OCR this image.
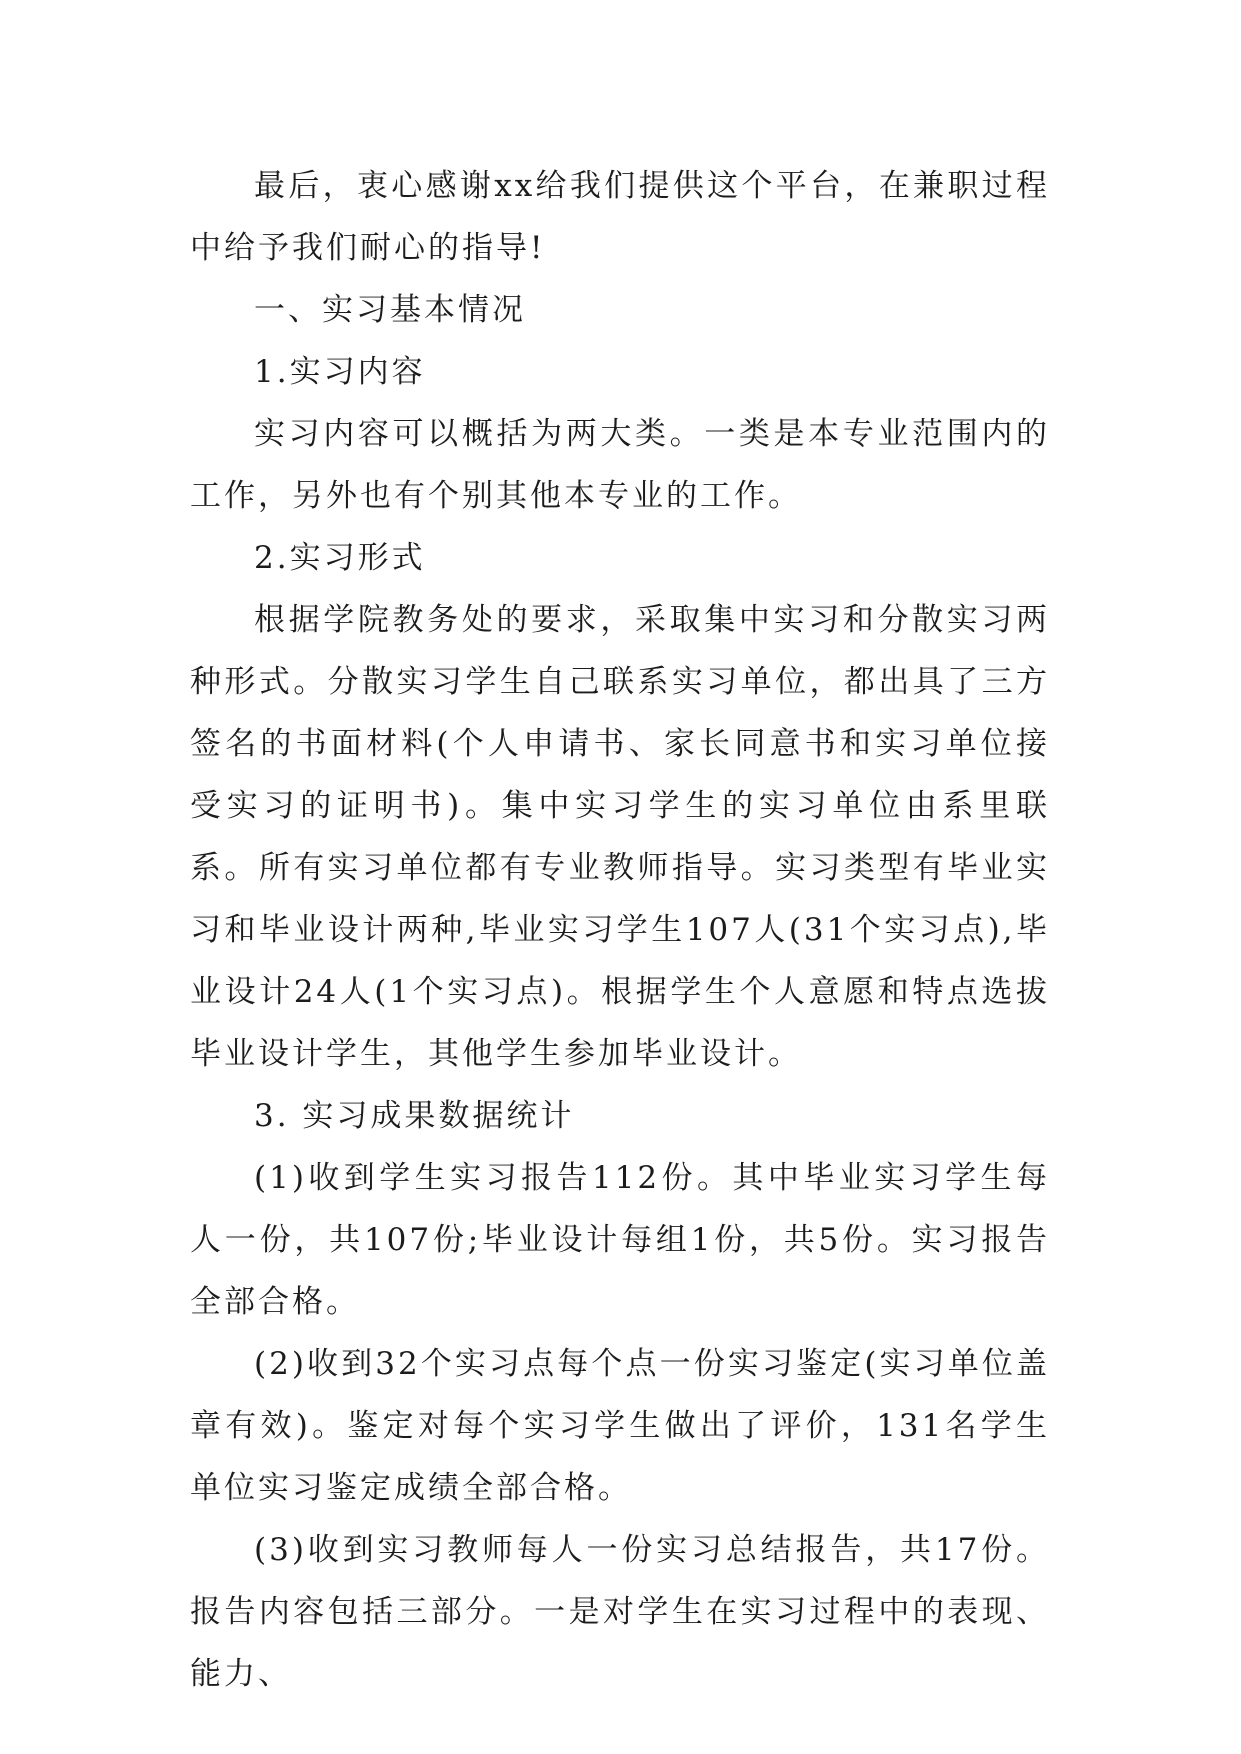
最后，衷心感谢xx给我们提供这个平台，在兼职过程中给予我们耐心的指导!

一、实习基本情况

1.实习内容

实习内容可以概括为两大类。一类是本专业范围内的工作，另外也有个别其他本专业的工作。

2.实习形式

根据学院教务处的要求，采取集中实习和分散实习两种形式。分散实习学生自己联系实习单位，都出具了三方签名的书面材料(个人申请书、家长同意书和实习单位接受实习的证明书)。集中实习学生的实习单位由系里联系。所有实习单位都有专业教师指导。实习类型有毕业实习和毕业设计两种,毕业实习学生107人(31个实习点),毕业设计24人(1个实习点)。根据学生个人意愿和特点选拔毕业设计学生，其他学生参加毕业设计。

3. 实习成果数据统计

(1)收到学生实习报告112份。其中毕业实习学生每人一份，共107份;毕业设计每组1份，共5份。实习报告全部合格。

(2)收到32个实习点每个点一份实习鉴定(实习单位盖章有效)。鉴定对每个实习学生做出了评价，131名学生单位实习鉴定成绩全部合格。

(3)收到实习教师每人一份实习总结报告，共17份。报告内容包括三部分。一是对学生在实习过程中的表现、能力、
